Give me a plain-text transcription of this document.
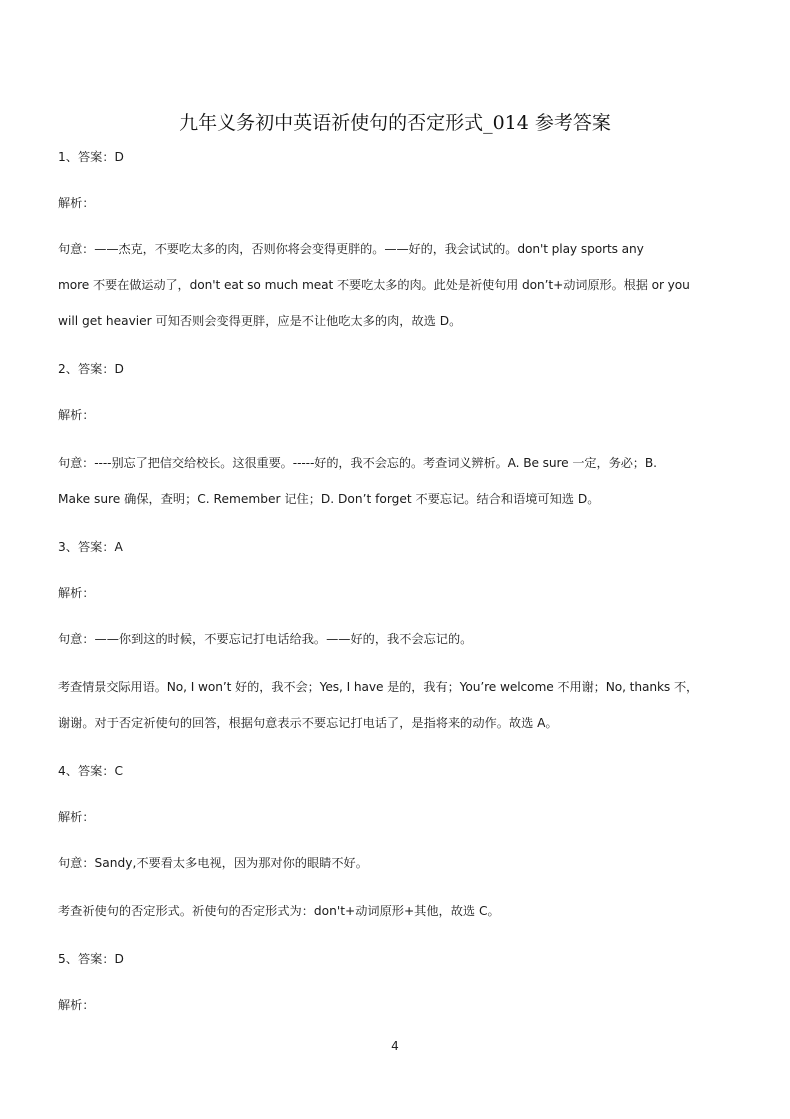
九年义务初中英语祈使句的否定形式_014 参考答案
1、答案：D
解析：
句意：——杰克，不要吃太多的肉，否则你将会变得更胖的。——好的，我会试试的。don't play sports any
more 不要在做运动了，don't eat so much meat 不要吃太多的肉。此处是祈使句用 don’t+动词原形。根据 or you
will get heavier 可知否则会变得更胖，应是不让他吃太多的肉，故选 D。
2、答案：D
解析：
句意：----别忘了把信交给校长。这很重要。-----好的，我不会忘的。考查词义辨析。A. Be sure 一定，务必；B.
Make sure 确保，查明；C. Remember 记住；D. Don’t forget 不要忘记。结合和语境可知选 D。
3、答案：A
解析：
句意：——你到这的时候，不要忘记打电话给我。——好的，我不会忘记的。
考查情景交际用语。No, I won’t 好的，我不会；Yes, I have 是的，我有；You’re welcome 不用谢；No, thanks 不，
谢谢。对于否定祈使句的回答，根据句意表示不要忘记打电话了，是指将来的动作。故选 A。
4、答案：C
解析：
句意：Sandy,不要看太多电视，因为那对你的眼睛不好。
考查祈使句的否定形式。祈使句的否定形式为：don't+动词原形+其他，故选 C。
5、答案：D
解析：
4
